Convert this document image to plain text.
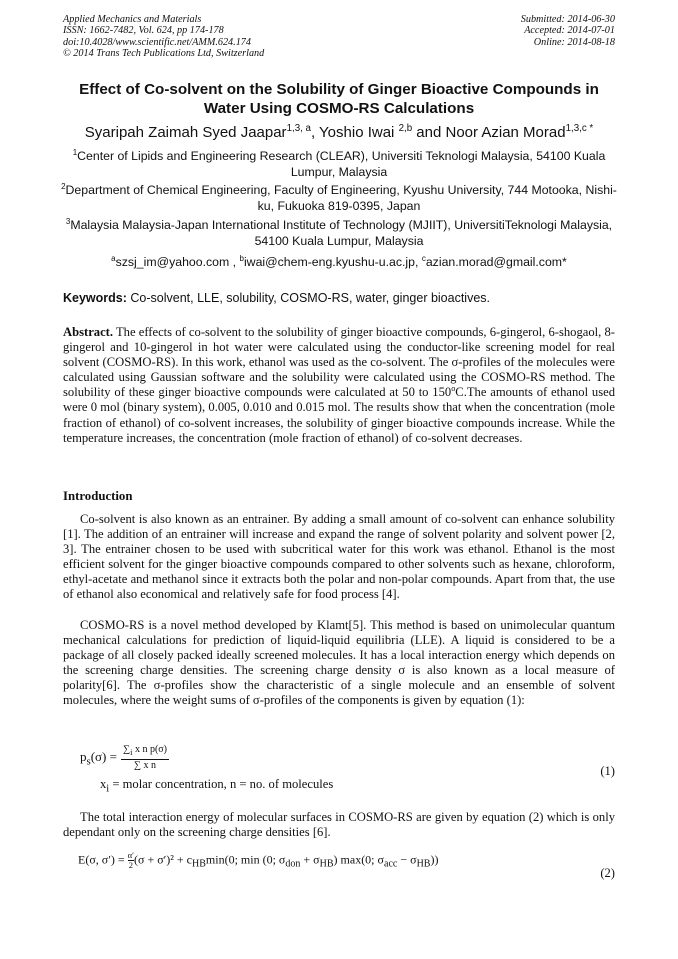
Applied Mechanics and Materials
ISSN: 1662-7482, Vol. 624, pp 174-178
doi:10.4028/www.scientific.net/AMM.624.174
© 2014 Trans Tech Publications Ltd, Switzerland
Submitted: 2014-06-30
Accepted: 2014-07-01
Online: 2014-08-18
Effect of Co-solvent on the Solubility of Ginger Bioactive Compounds in
Water Using COSMO-RS Calculations
Syaripah Zaimah Syed Jaapar$^{1,3, a}$, Yoshio Iwai $^{2,b}$ and Noor Azian Morad$^{1,3,c *}$
$^1$Center of Lipids and Engineering Research (CLEAR), Universiti Teknologi Malaysia, 54100 Kuala Lumpur, Malaysia
$^2$Department of Chemical Engineering, Faculty of Engineering, Kyushu University, 744 Motooka, Nishi-ku, Fukuoka 819-0395, Japan
$^3$Malaysia Malaysia-Japan International Institute of Technology (MJIIT), UniversitiTeknologi Malaysia, 54100 Kuala Lumpur, Malaysia
$^a$szsj_im@yahoo.com , $^b$iwai@chem-eng.kyushu-u.ac.jp, $^c$azian.morad@gmail.com*
Keywords: Co-solvent, LLE, solubility, COSMO-RS, water, ginger bioactives.
Abstract. The effects of co-solvent to the solubility of ginger bioactive compounds, 6-gingerol, 6-shogaol, 8-gingerol and 10-gingerol in hot water were calculated using the conductor-like screening model for real solvent (COSMO-RS). In this work, ethanol was used as the co-solvent. The σ-profiles of the molecules were calculated using Gaussian software and the solubility were calculated using the COSMO-RS method. The solubility of these ginger bioactive compounds were calculated at 50 to 150$^o$C.The amounts of ethanol used were 0 mol (binary system), 0.005, 0.010 and 0.015 mol. The results show that when the concentration (mole fraction of ethanol) of co-solvent increases, the solubility of ginger bioactive compounds increase. While the temperature increases, the concentration (mole fraction of ethanol) of co-solvent decreases.
Introduction
Co-solvent is also known as an entrainer. By adding a small amount of co-solvent can enhance solubility [1]. The addition of an entrainer will increase and expand the range of solvent polarity and solvent power [2, 3]. The entrainer chosen to be used with subcritical water for this work was ethanol. Ethanol is the most efficient solvent for the ginger bioactive compounds compared to other solvents such as hexane, chloroform, ethyl-acetate and methanol since it extracts both the polar and non-polar compounds. Apart from that, the use of ethanol also economical and relatively safe for food process [4].
COSMO-RS is a novel method developed by Klamt[5]. This method is based on unimolecular quantum mechanical calculations for prediction of liquid-liquid equilibria (LLE). A liquid is considered to be a package of all closely packed ideally screened molecules. It has a local interaction energy which depends on the screening charge densities. The screening charge density σ is also known as a local measure of polarity[6]. The σ-profiles show the characteristic of a single molecule and an ensemble of solvent molecules, where the weight sums of σ-profiles of the components is given by equation (1):
$p_s(\sigma) = \frac{\sum_i x n p(\sigma)}{\text{∑ x n}}$	(1)
$x_i$ = molar concentration, n = no. of molecules
The total interaction energy of molecular surfaces in COSMO-RS are given by equation (2) which is only dependant only on the screening charge densities [6].
E(σ, $\sigma') = \frac{\alpha'}{2} (\sigma + \sigma')^2 + c_{HB}\min(0$; min (0; $\sigma_{don} + \sigma_{HB}$) max(0; $\sigma_{acc} - \sigma_{HB}$))
(2)
